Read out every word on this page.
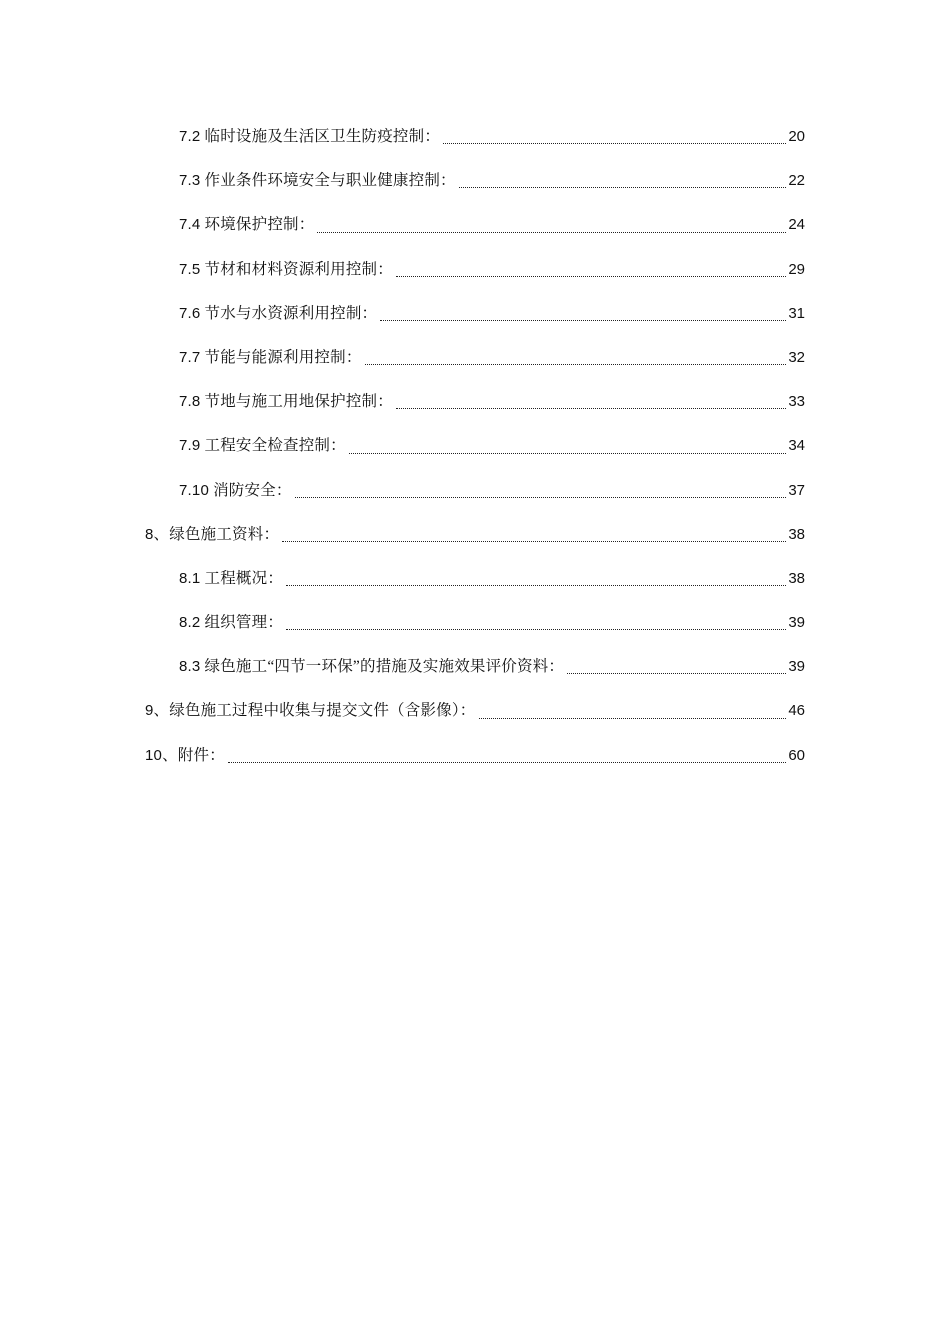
7.2 临时设施及生活区卫生防疫控制：	20
7.3 作业条件环境安全与职业健康控制：	22
7.4 环境保护控制：	24
7.5 节材和材料资源利用控制：	29
7.6 节水与水资源利用控制：	31
7.7 节能与能源利用控制：	32
7.8 节地与施工用地保护控制：	33
7.9 工程安全检查控制：	34
7.10 消防安全：	37
8、绿色施工资料：	38
8.1 工程概况：	38
8.2 组织管理：	39
8.3 绿色施工“四节一环保”的措施及实施效果评价资料：	39
9、绿色施工过程中收集与提交文件（含影像）：	46
10、附件：	60
